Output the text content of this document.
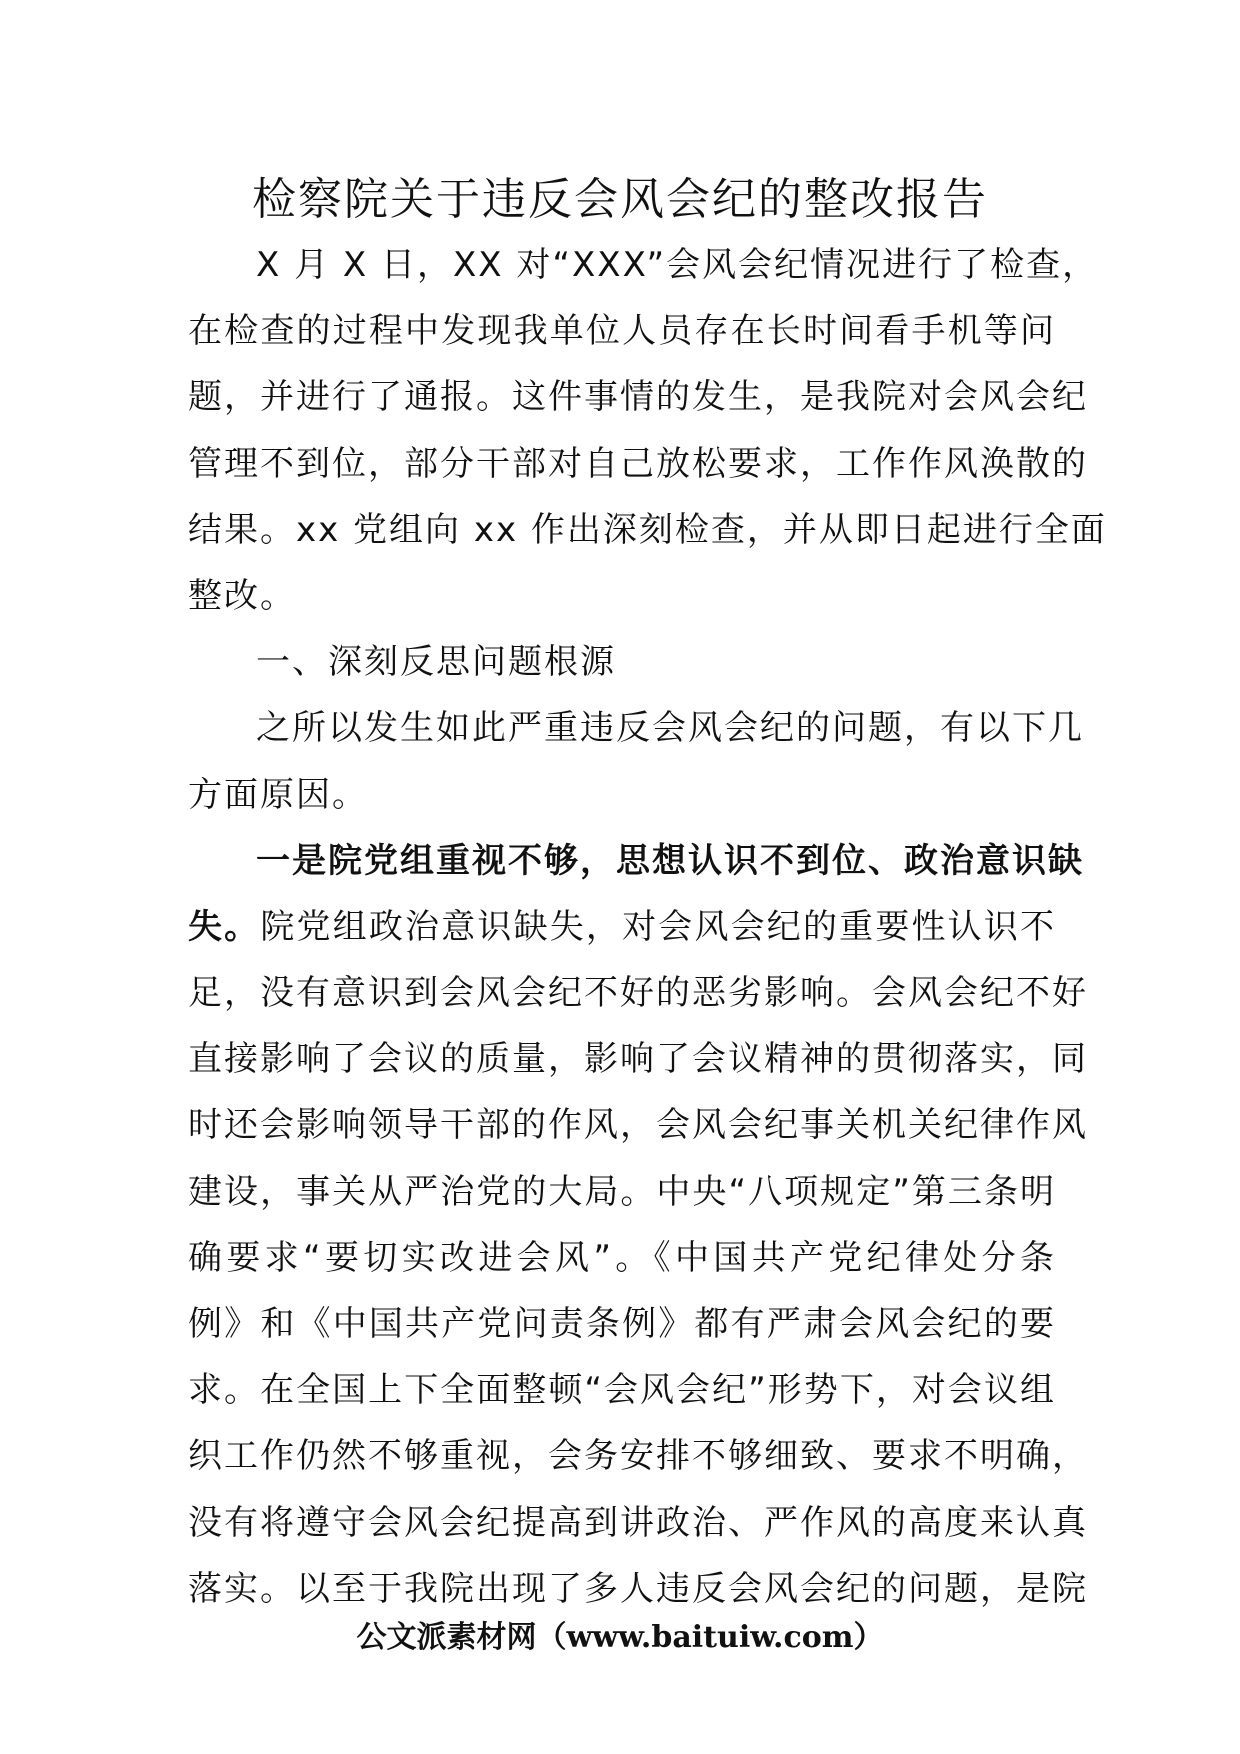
检察院关于违反会风会纪的整改报告
X 月 X 日，XX 对“XXX”会风会纪情况进行了检查，
在检查的过程中发现我单位人员存在长时间看手机等问
题，并进行了通报。这件事情的发生，是我院对会风会纪
管理不到位，部分干部对自己放松要求，工作作风涣散的
结果。xx 党组向 xx 作出深刻检查，并从即日起进行全面
整改。
一、深刻反思问题根源
之所以发生如此严重违反会风会纪的问题，有以下几
方面原因。
一是院党组重视不够，思想认识不到位、政治意识缺
失。院党组政治意识缺失，对会风会纪的重要性认识不
足，没有意识到会风会纪不好的恶劣影响。会风会纪不好
直接影响了会议的质量，影响了会议精神的贯彻落实，同
时还会影响领导干部的作风，会风会纪事关机关纪律作风
建设，事关从严治党的大局。中央“八项规定”第三条明
确要求“要切实改进会风”。《中国共产党纪律处分条
例》和《中国共产党问责条例》都有严肃会风会纪的要
求。在全国上下全面整顿“会风会纪”形势下，对会议组
织工作仍然不够重视，会务安排不够细致、要求不明确，
没有将遵守会风会纪提高到讲政治、严作风的高度来认真
落实。以至于我院出现了多人违反会风会纪的问题，是院
公文派素材网（www.baituiw.com）
